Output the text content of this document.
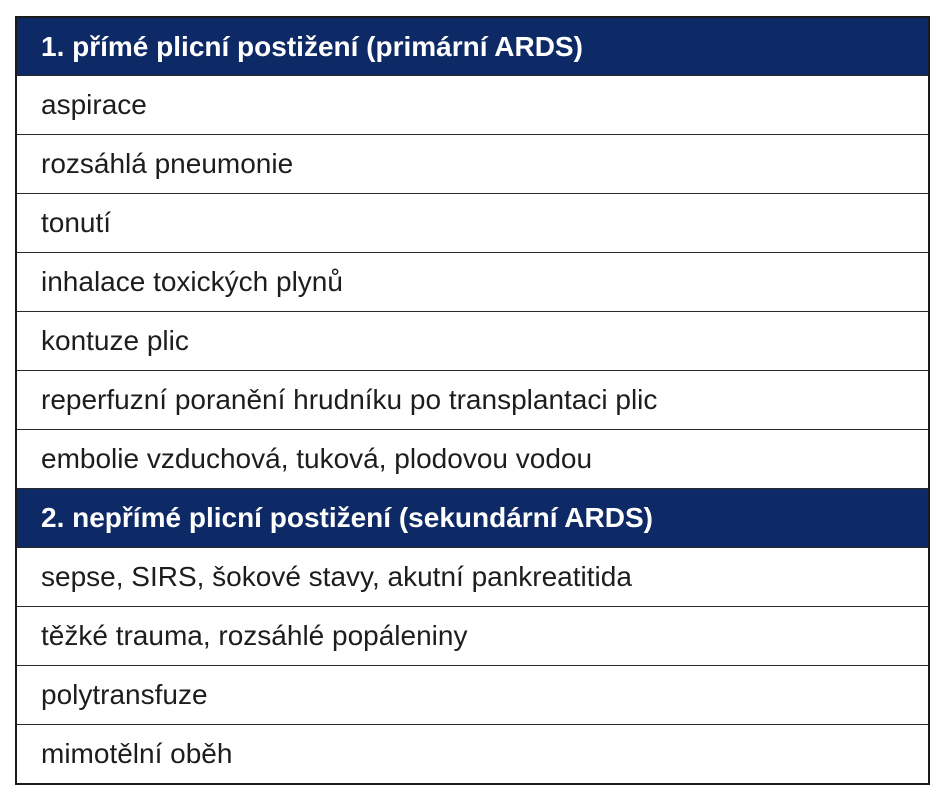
1. přímé plicní postižení (primární ARDS)
aspirace
rozsáhlá pneumonie
tonutí
inhalace toxických plynů
kontuze plic
reperfuzní poranění hrudníku po transplantaci plic
embolie vzduchová, tuková, plodovou vodou
2. nepřímé plicní postižení (sekundární ARDS)
sepse, SIRS, šokové stavy, akutní pankreatitida
těžké trauma, rozsáhlé popáleniny
polytransfuze
mimotělní oběh
